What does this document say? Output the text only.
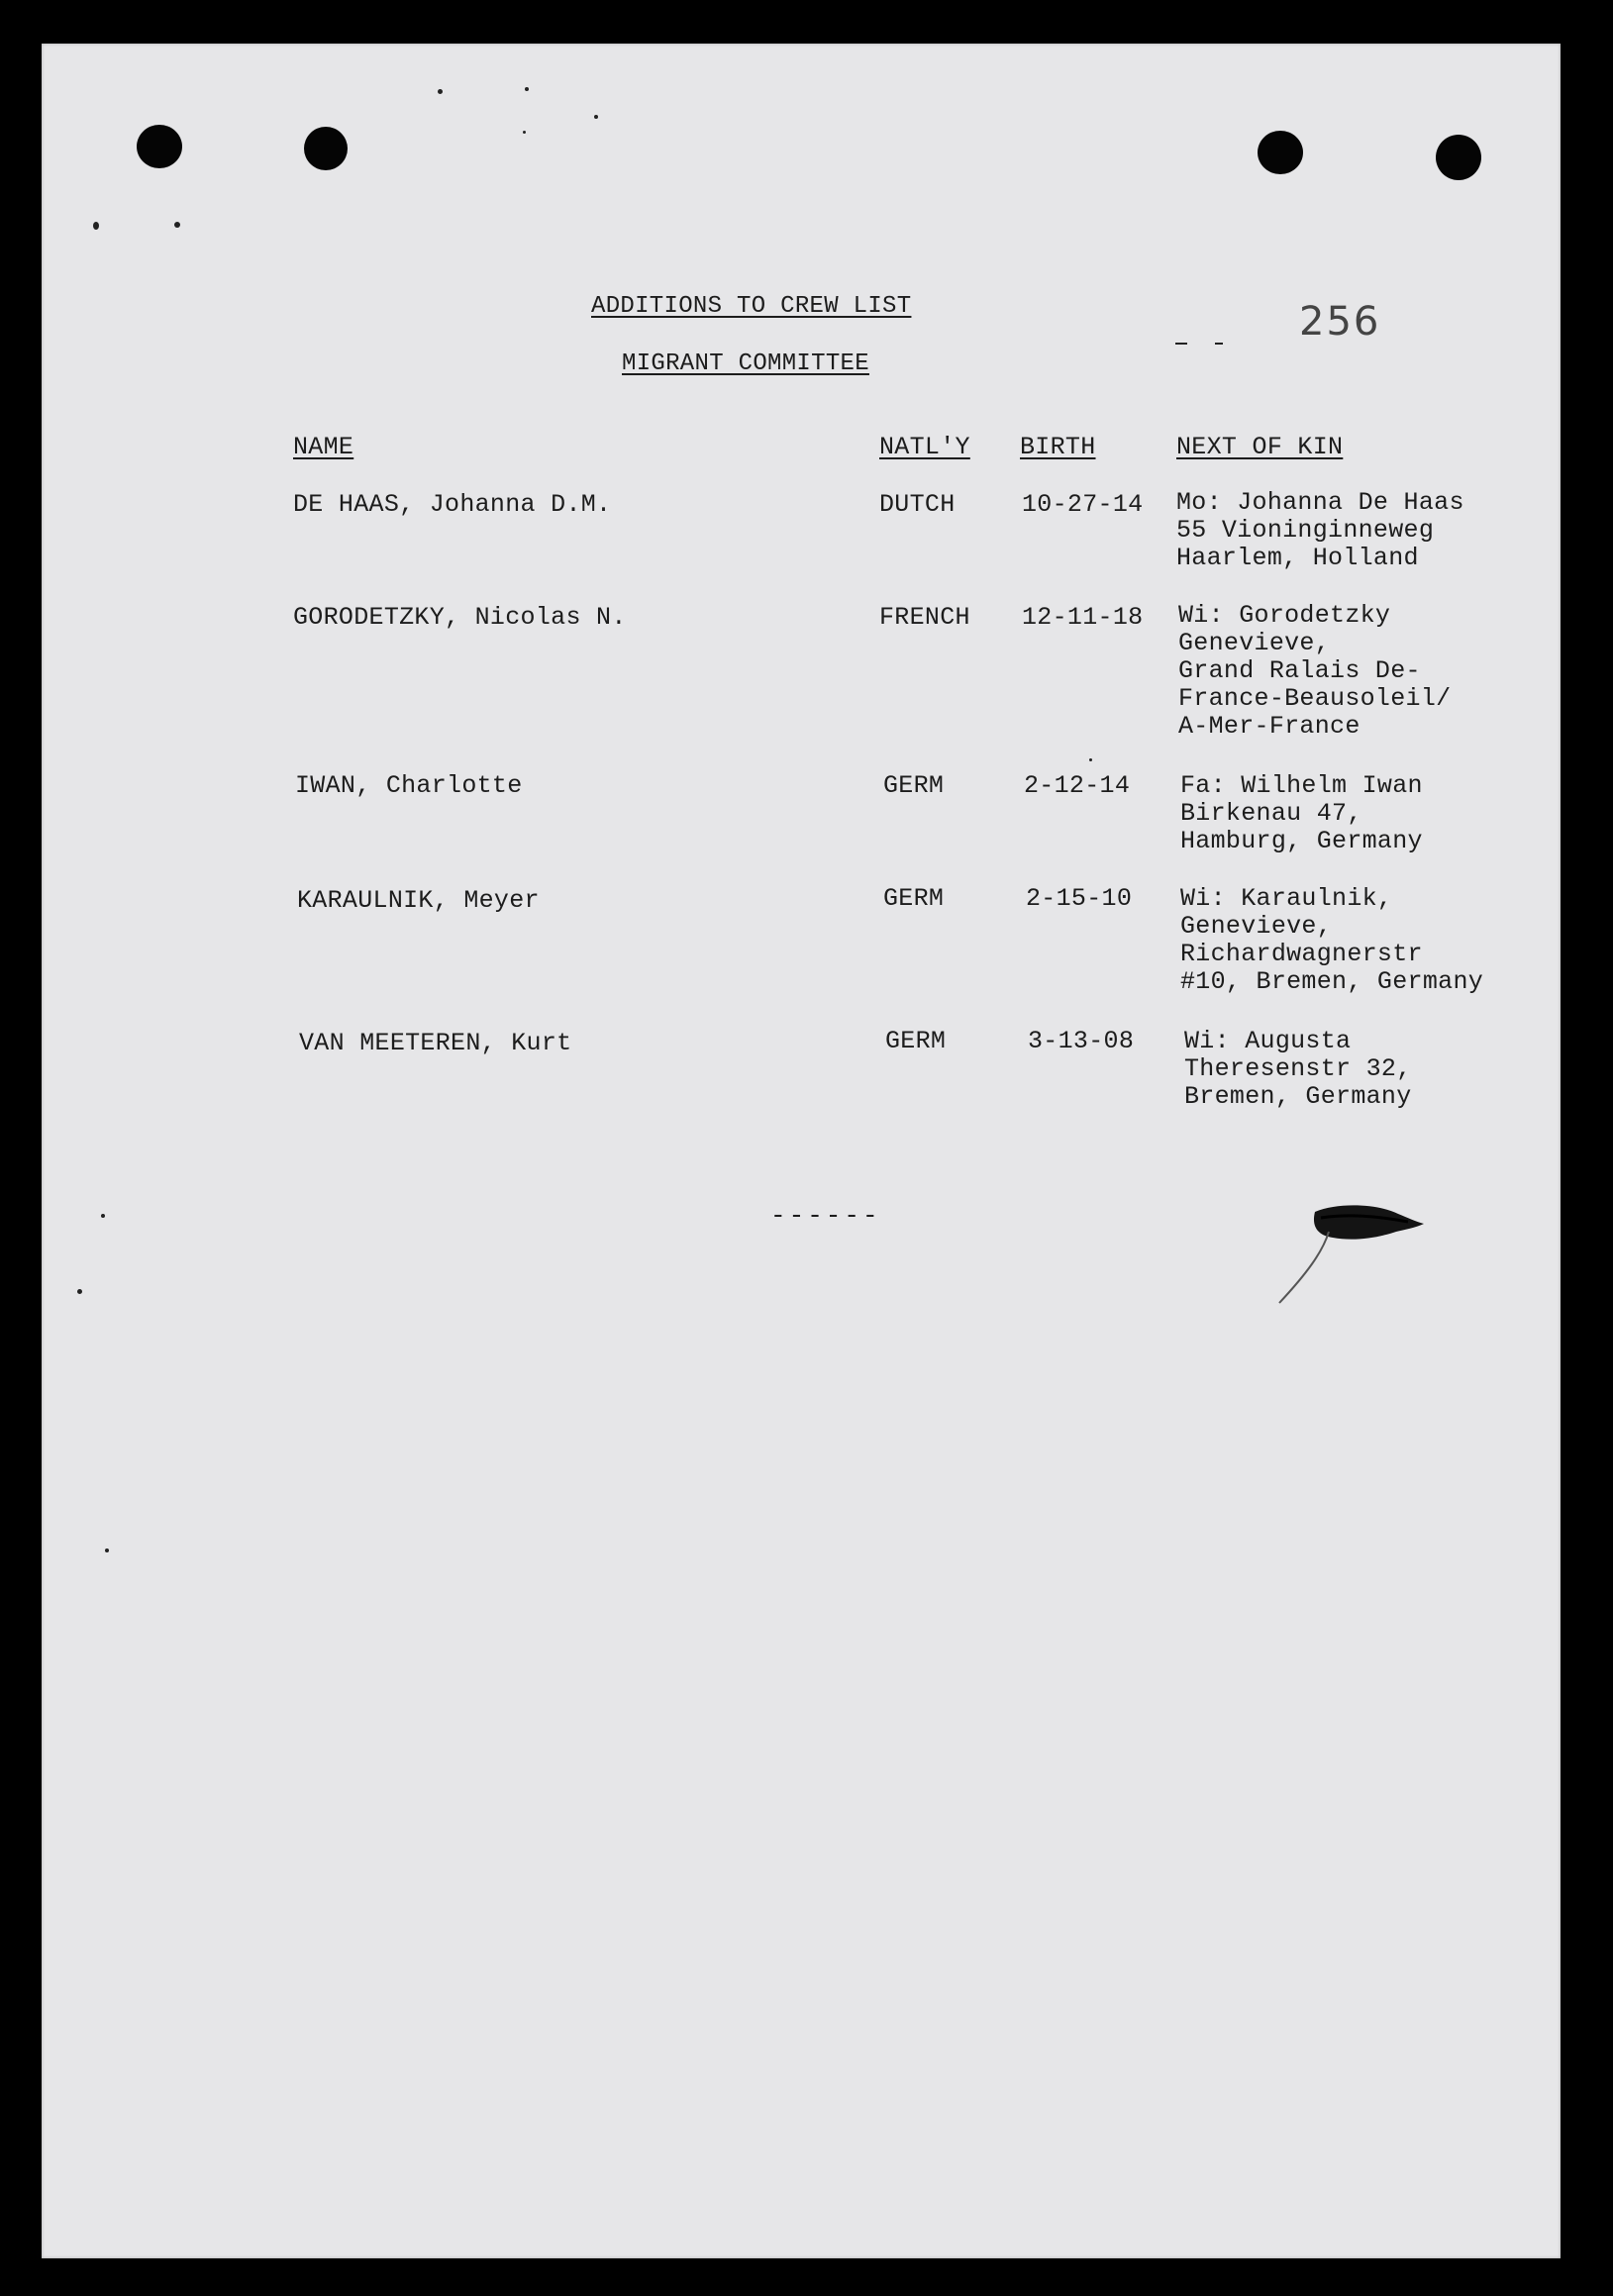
ADDITIONS TO CREW LIST
MIGRANT COMMITTEE
256
NAME	NATL'Y BIRTH	NEXT OF KIN
DE HAAS, Johanna D.M.	DUTCH	10-27-14 Mo: Johanna De Haas
55 Vioninginneweg
Haarlem, Holland
GORODETZKY, Nicolas N.	FRENCH 12-11-18 Wi: Gorodetzky
Genevieve,
Grand Ralais De-
France-Beausoleil/
A-Mer-France
IWAN, Charlotte	GERM	2-12-14 Fa: Wilhelm Iwan
Birkenau 47,
Hamburg, Germany
KARAULNIK, Meyer	GERM	2-15-10 Wi: Karaulnik,
Genevieve,
Richardwagnerstr
#10, Bremen, Germany
VAN MEETEREN, Kurt	GERM	3-13-08 Wi: Augusta
Theresenstr 32,
Bremen, Germany
------
